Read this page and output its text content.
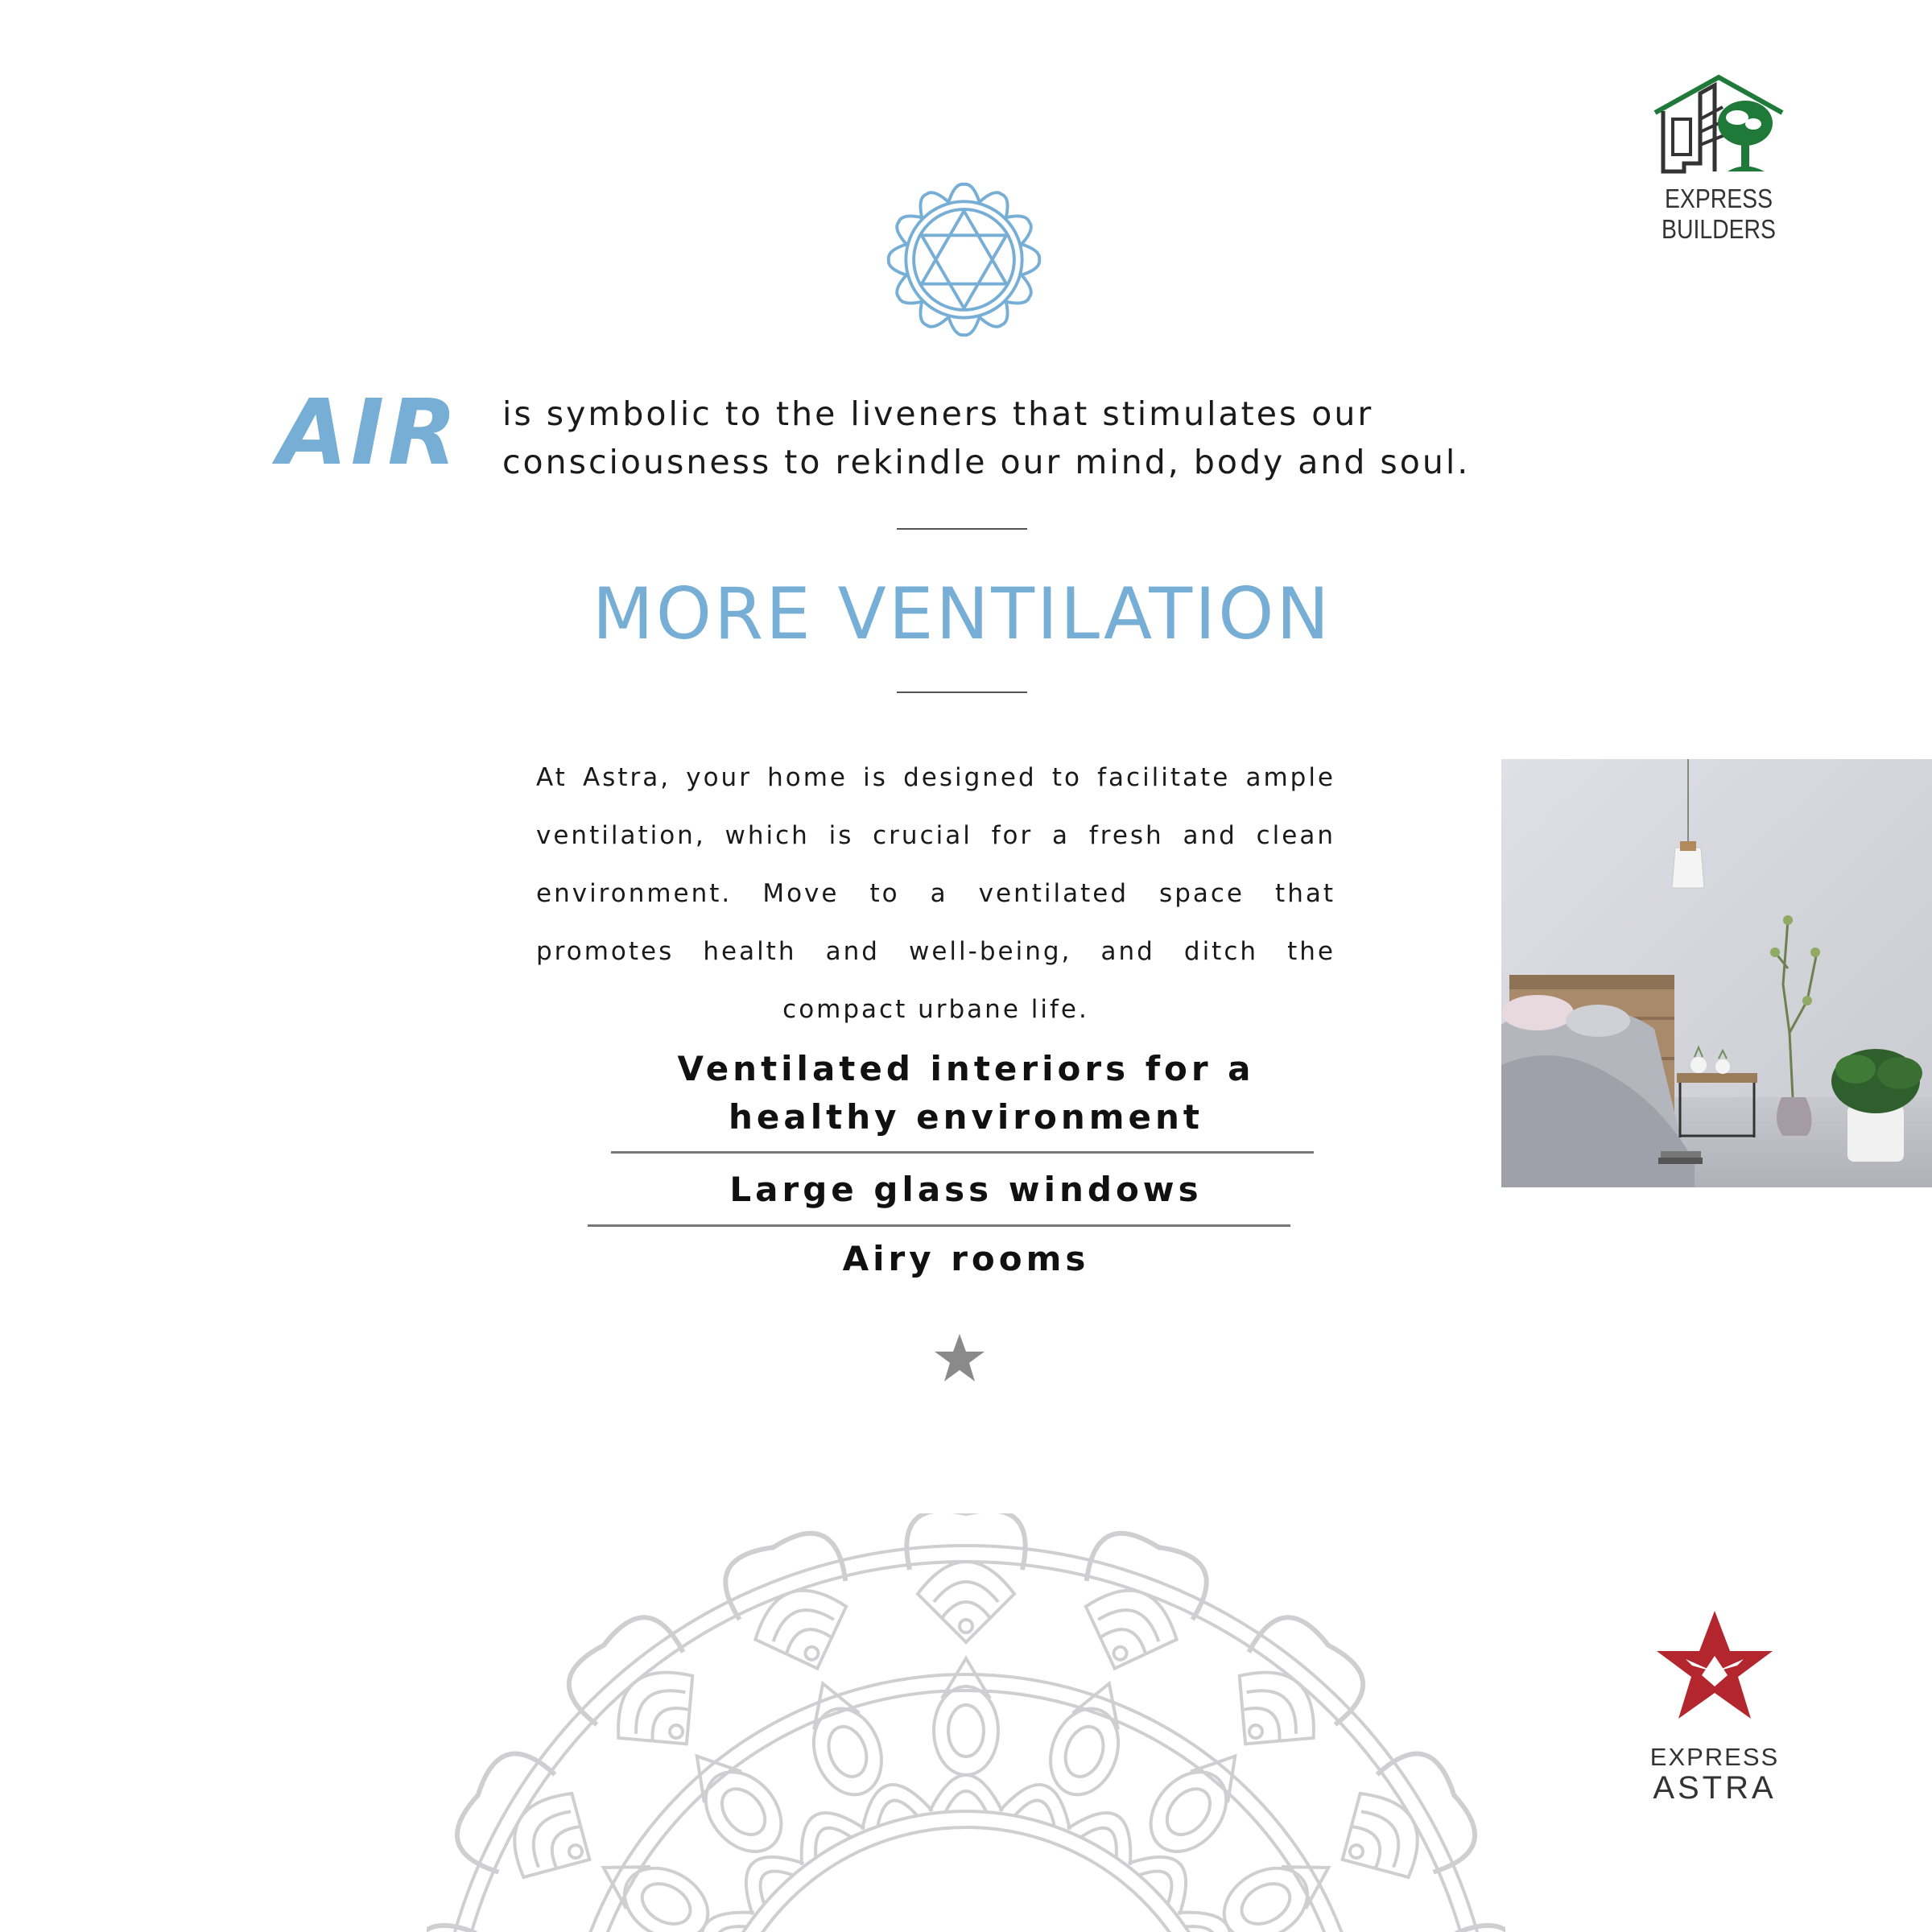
EXPRESS BUILDERS
AIR is symbolic to the liveners that stimulates our
consciousness to rekindle our mind, body and soul.
MORE VENTILATION
At Astra, your home is designed to facilitate ample ventilation, which is crucial for a fresh and clean environment. Move to a ventilated space that promotes health and well-being, and ditch the compact urbane life.
Ventilated interiors for a
healthy environment
Large glass windows
Airy rooms
EXPRESS
ASTRA
